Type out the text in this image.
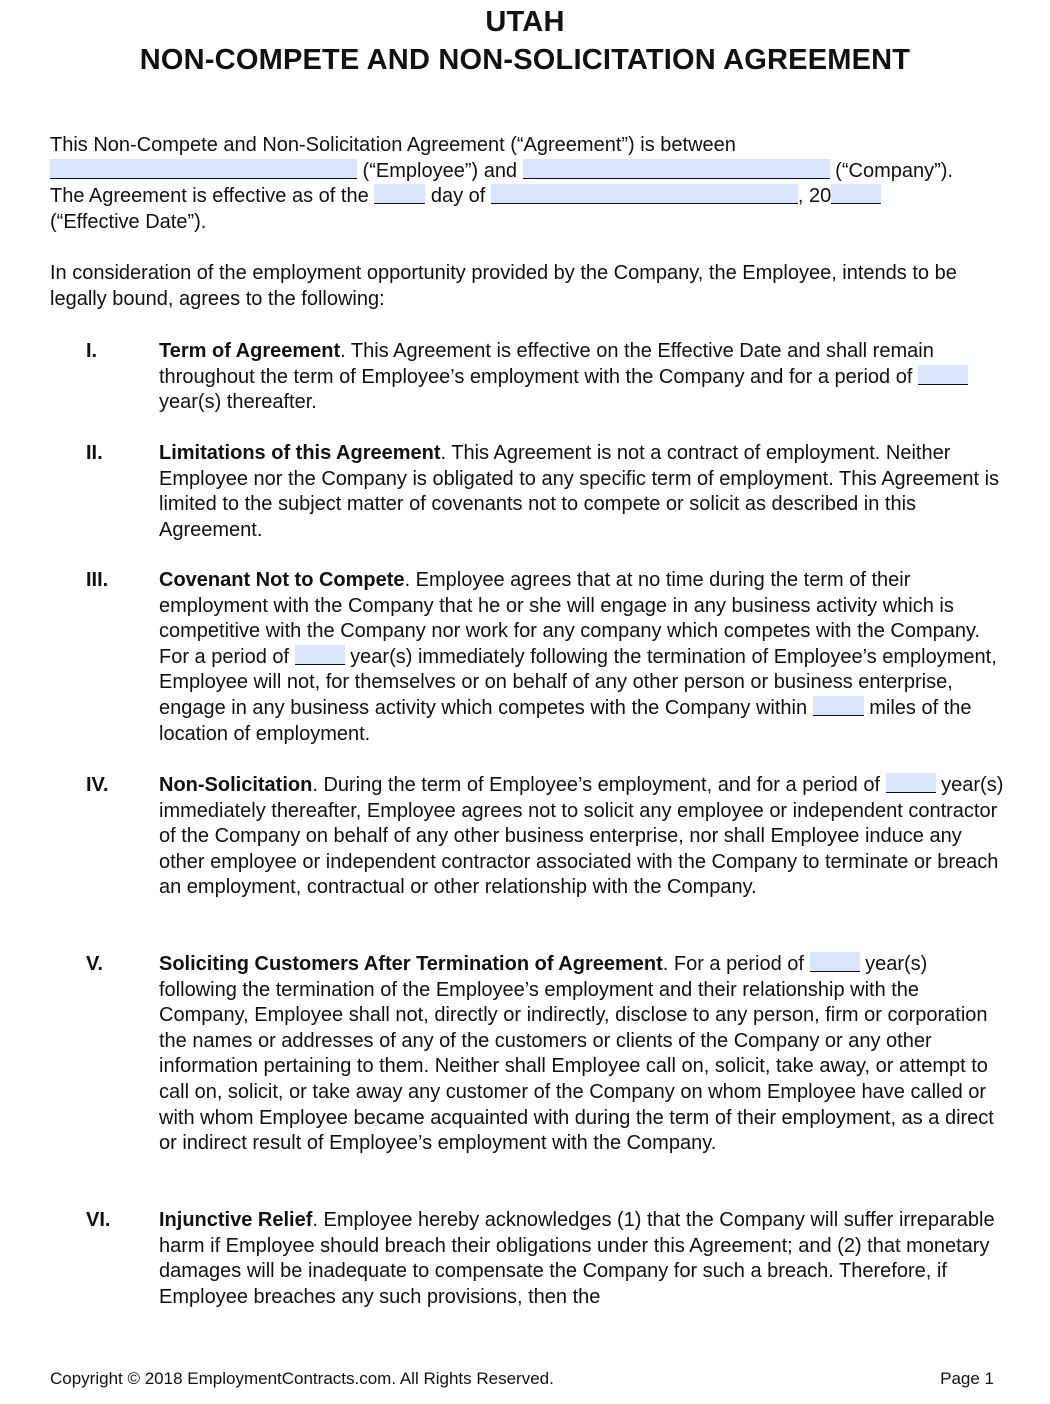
UTAH
NON-COMPETE AND NON-SOLICITATION AGREEMENT
This Non-Compete and Non-Solicitation Agreement (“Agreement”) is between
(“Employee”) and	(“Company”).
The Agreement is effective as of the	day of	, 20
(“Effective Date”).
In consideration of the employment opportunity provided by the Company, the Employee, intends to be legally bound, agrees to the following:
I.	Term of Agreement. This Agreement is effective on the Effective Date and shall remain throughout the term of Employee’s employment with the Company and for a period of  year(s) thereafter.
II.	Limitations of this Agreement. This Agreement is not a contract of employment. Neither Employee nor the Company is obligated to any specific term of employment. This Agreement is limited to the subject matter of covenants not to compete or solicit as described in this Agreement.
III.	Covenant Not to Compete. Employee agrees that at no time during the term of their employment with the Company that he or she will engage in any business activity which is competitive with the Company nor work for any company which competes with the Company. For a period of	year(s) immediately following the termination of Employee’s employment, Employee will not, for themselves or on behalf of any other person or business enterprise, engage in any business activity which competes with the Company within	miles of the location of employment.
IV.	Non-Solicitation. During the term of Employee’s employment, and for a period of	year(s) immediately thereafter, Employee agrees not to solicit any employee or independent contractor of the Company on behalf of any other business enterprise, nor shall Employee induce any other employee or independent contractor associated with the Company to terminate or breach an employment, contractual or other relationship with the Company.
V.	Soliciting Customers After Termination of Agreement. For a period of	year(s) following the termination of the Employee’s employment and their relationship with the Company, Employee shall not, directly or indirectly, disclose to any person, firm or corporation the names or addresses of any of the customers or clients of the Company or any other information pertaining to them. Neither shall Employee call on, solicit, take away, or attempt to call on, solicit, or take away any customer of the Company on whom Employee have called or with whom Employee became acquainted with during the term of their employment, as a direct or indirect result of Employee’s employment with the Company.
VI. Injunctive Relief. Employee hereby acknowledges (1) that the Company will suffer irreparable harm if Employee should breach their obligations under this Agreement; and (2) that monetary damages will be inadequate to compensate the Company for such a breach. Therefore, if Employee breaches any such provisions, then the
Copyright © 2018 EmploymentContracts.com. All Rights Reserved.	Page 1
